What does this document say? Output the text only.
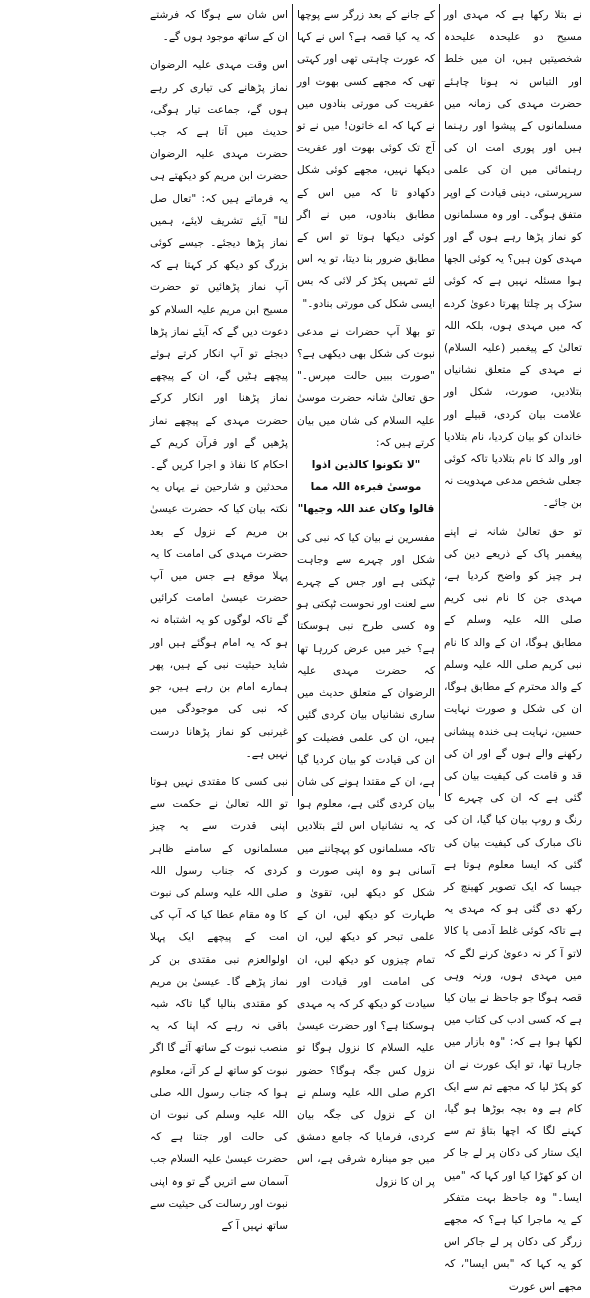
نے بتلا رکھا ہے کہ مہدی اور مسیح دو علیحدہ علیحدہ شخصیتیں ہیں، ان میں خلط اور التباس نہ ہونا چاہئے حضرت مہدی کی زمانہ میں مسلمانوں کے پیشوا اور رہنما ہیں اور پوری امت ان کی رہنمائی میں ان کی علمی سرپرستی، دینی قیادت کے اوپر متفق ہوگی۔ اور وہ مسلمانوں کو نماز پڑھا رہے ہوں گے اور مہدی کون ہیں؟ یہ کوئی الجھا ہوا مسئلہ نہیں ہے کہ کوئی سڑک پر چلتا پھرتا دعویٰ کردے کہ میں مہدی ہوں، بلکہ اللہ تعالیٰ کے پیغمبر (علیہ السلام) نے مہدی کے متعلق نشانیاں بتلادیں، صورت، شکل اور علامت بیان کردی، قبیلے اور خاندان کو بیان کردیا، نام بتلادیا اور والد کا نام بتلادیا تاکہ کوئی جعلی شخص مدعی مہدویت نہ بن جائے۔

تو حق تعالیٰ شانہ نے اپنے پیغمبر پاک کے ذریعے دین کی ہر چیز کو واضح کردیا ہے، مہدی جن کا نام نبی کریم صلی اللہ علیہ وسلم کے مطابق ہوگا، ان کے والد کا نام نبی کریم صلی اللہ علیہ وسلم کے والد محترم کے مطابق ہوگا، ان کی شکل و صورت نہایت حسین، نہایت ہی خندہ پیشانی رکھنے والے ہوں گے اور ان کی قد و قامت کی کیفیت بیان کی گئی ہے کہ ان کی چہرے کا رنگ و روپ بیان کیا گیا، ان کی ناک مبارک کی کیفیت بیان کی گئی کہ ایسا معلوم ہوتا ہے جیسا کہ ایک تصویر کھینچ کر رکھ دی گئی ہو کہ مہدی یہ ہے تاکہ کوئی غلط آدمی یا کالا لاتو آ کر نہ دعویٰ کرنے لگے کہ میں مہدی ہوں، ورنہ وہی قصہ ہوگا جو جاحظ نے بیان کیا ہے کہ کسی ادب کی کتاب میں لکھا ہوا ہے کہ: "وہ بازار میں جارہا تھا، تو ایک عورت نے ان کو پکڑ لیا کہ مجھے تم سے ایک کام ہے وہ بچہ بوڑھا ہو گیا، کہنے لگا کہ اچھا بتاؤ تم سے ایک ستار کی دکان پر لے جا کر ان کو کھڑا کیا اور کہا کہ "میں ایسا۔" وہ جاحظ بہت متفکر کے یہ ماجرا کیا ہے؟ کہ مجھے زرگر کی دکان پر لے جاکر اس کو یہ کہا کہ "بس ایسا"، کہ مجھے اس عورت

کے جانے کے بعد زرگر سے پوچھا کہ یہ کیا قصہ ہے؟ اس نے کہا کہ عورت چاہتی تھی اور کہتی تھی کہ مجھے کسی بھوت اور عفریت کی مورتی بنادوں میں نے کہا کہ اے خاتون! میں نے تو آج تک کوئی بھوت اور عفریت دیکھا نہیں، مجھے کوئی شکل دکھادو تا کہ میں اس کے مطابق بنادوں، میں نے اگر کوئی دیکھا ہوتا تو اس کے مطابق ضرور بنا دیتا، تو یہ اس لئے تمہیں پکڑ کر لائی کہ بس ایسی شکل کی مورتی بنادو۔"

تو بھلا آپ حضرات نے مدعی نبوت کی شکل بھی دیکھی ہے؟ "صورت ببیں حالت مپرس۔" حق تعالیٰ شانہ حضرت موسیٰ علیہ السلام کی شان میں بیان کرتے ہیں کہ:

"لا تکونوا کالذین اذوا موسیٰ فبرءہ اللہ مما قالوا وکان عند اللہ وجیھا"

مفسرین نے بیان کیا کہ نبی کی شکل اور چہرے سے وجاہت ٹپکتی ہے اور جس کے چہرے سے لعنت اور نحوست ٹپکتی ہو وہ کسی طرح نبی ہوسکتا ہے؟ خیر میں عرض کررہا تھا کہ حضرت مہدی علیہ الرضوان کے متعلق حدیث میں ساری نشانیاں بیان کردی گئیں ہیں، ان کی علمی فضیلت کو ان کی قیادت کو بیان کردیا گیا ہے، ان کے مقتدا ہونے کی شان بیان کردی گئی ہے، معلوم ہوا کہ یہ نشانیاں اس لئے بتلادیں تاکہ مسلمانوں کو پہچاننے میں آسانی ہو وہ اپنی صورت و شکل کو دیکھ لیں، تقویٰ و طہارت کو دیکھ لیں، ان کے علمی تبحر کو دیکھ لیں، ان تمام چیزوں کو دیکھ لیں، ان کی امامت اور قیادت اور سیادت کو دیکھ کر کہ یہ مہدی ہوسکتا ہے؟ اور حضرت عیسیٰ علیہ السلام کا نزول ہوگا تو نزول کس جگہ ہوگا؟ حضور اکرم صلی اللہ علیہ وسلم نے ان کے نزول کی جگہ بیان کردی، فرمایا کہ جامع دمشق میں جو مینارہ شرقی ہے، اس پر ان کا نزول

اس شان سے ہوگا کہ فرشتے ان کے ساتھ موجود ہوں گے۔

اس وقت مہدی علیہ الرضوان نماز پڑھانے کی تیاری کر رہے ہوں گے، جماعت تیار ہوگی، حدیث میں آتا ہے کہ جب حضرت مہدی علیہ الرضوان حضرت ابن مریم کو دیکھتے ہی یہ فرماتے ہیں کہ: "تعال صل لنا" آیئے تشریف لایئے، ہمیں نماز پڑھا دیجئے۔ جیسے کوئی بزرگ کو دیکھ کر کہتا ہے کہ آپ نماز پڑھائیں تو حضرت مسیح ابن مریم علیہ السلام کو دعوت دیں گے کہ آیئے نماز پڑھا دیجئے تو آپ انکار کرتے ہوئے پیچھے ہٹیں گے، ان کے پیچھے نماز پڑھنا اور انکار کرکے حضرت مہدی کے پیچھے نماز پڑھیں گے اور قرآن کریم کے احکام کا نفاذ و اجرا کریں گے۔ محدثین و شارحین نے یہاں یہ نکتہ بیان کیا کہ حضرت عیسیٰ بن مریم کے نزول کے بعد حضرت مہدی کی امامت کا یہ پہلا موقع ہے جس میں آپ حضرت عیسیٰ امامت کرائیں گے تاکہ لوگوں کو یہ اشتباہ نہ ہو کہ یہ امام ہوگئے ہیں اور شاید حیثیت نبی کے ہیں، پھر ہمارے امام بن رہے ہیں، جو کہ نبی کی موجودگی میں غیرنبی کو نماز پڑھانا درست نہیں ہے۔

نبی کسی کا مقتدی نہیں ہوتا تو اللہ تعالیٰ نے حکمت سے اپنی قدرت سے یہ چیز مسلمانوں کے سامنے ظاہر کردی کہ جناب رسول اللہ صلی اللہ علیہ وسلم کی نبوت کا وہ مقام عطا کیا کہ آپ کی امت کے پیچھے ایک پہلا اولوالعزم نبی مقتدی بن کر نماز پڑھے گا۔ عیسیٰ بن مریم کو مقتدی بنالیا گیا تاکہ شبہ باقی نہ رہے کہ اپنا کہ یہ منصب نبوت کے ساتھ آئے گا اگر نبوت کو ساتھ لے کر آتے، معلوم ہوا کہ جناب رسول اللہ صلی اللہ علیہ وسلم کی نبوت ان کی حالت اور جتنا ہے کہ حضرت عیسیٰ علیہ السلام جب آسمان سے اتریں گے تو وہ اپنی نبوت اور رسالت کی حیثیت سے ساتھ نہیں آ کے
